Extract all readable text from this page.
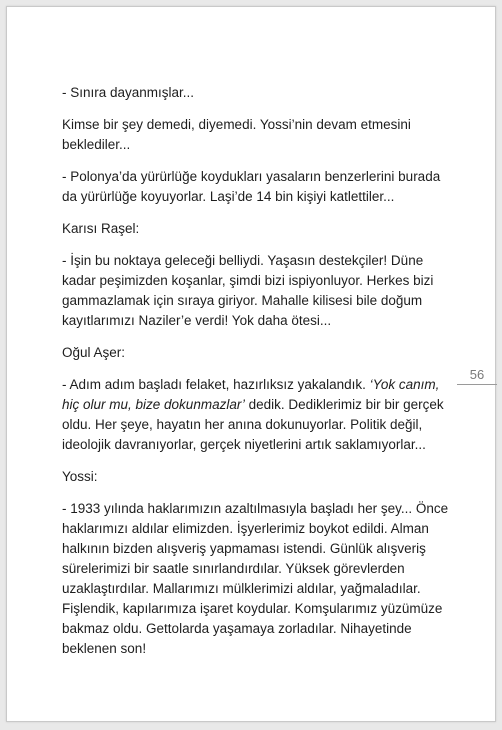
- Sınıra dayanmışlar...

Kimse bir şey demedi, diyemedi. Yossi’nin devam etmesini beklediler...

- Polonya’da yürürlüğe koydukları yasaların benzerlerini burada da yürürlüğe koyuyorlar. Laşi’de 14 bin kişiyi katlettiler...

Karısı Raşel:

- İşin bu noktaya geleceği belliydi. Yaşasın destekçiler! Düne kadar peşimizden koşanlar, şimdi bizi ispiyonluyor. Herkes bizi gammazlamak için sıraya giriyor. Mahalle kilisesi bile doğum kayıtlarımızı Naziler’e verdi! Yok daha ötesi...

Oğul Aşer:

- Adım adım başladı felaket, hazırlıksız yakalandık. ‘Yok canım, hiç olur mu, bize dokunmazlar’ dedik. Dediklerimiz bir bir gerçek oldu. Her şeye, hayatın her anına dokunuyorlar. Politik değil, ideolojik davranıyorlar, gerçek niyetlerini artık saklamıyorlar...

Yossi:

- 1933 yılında haklarımızın azaltılmasıyla başladı her şey... Önce haklarımızı aldılar elimizden. İşyerlerimiz boykot edildi. Alman halkının bizden alışveriş yapmaması istendi. Günlük alışveriş sürelerimizi bir saatle sınırlandırdılar. Yüksek görevlerden uzaklaştırdılar. Mallarımızı mülklerimizi aldılar, yağmaladılar. Fişlendik, kapılarımıza işaret koydular. Komşularımız yüzümüze bakmaz oldu. Gettolarda yaşamaya zorladılar. Nihayetinde beklenen son!

56
